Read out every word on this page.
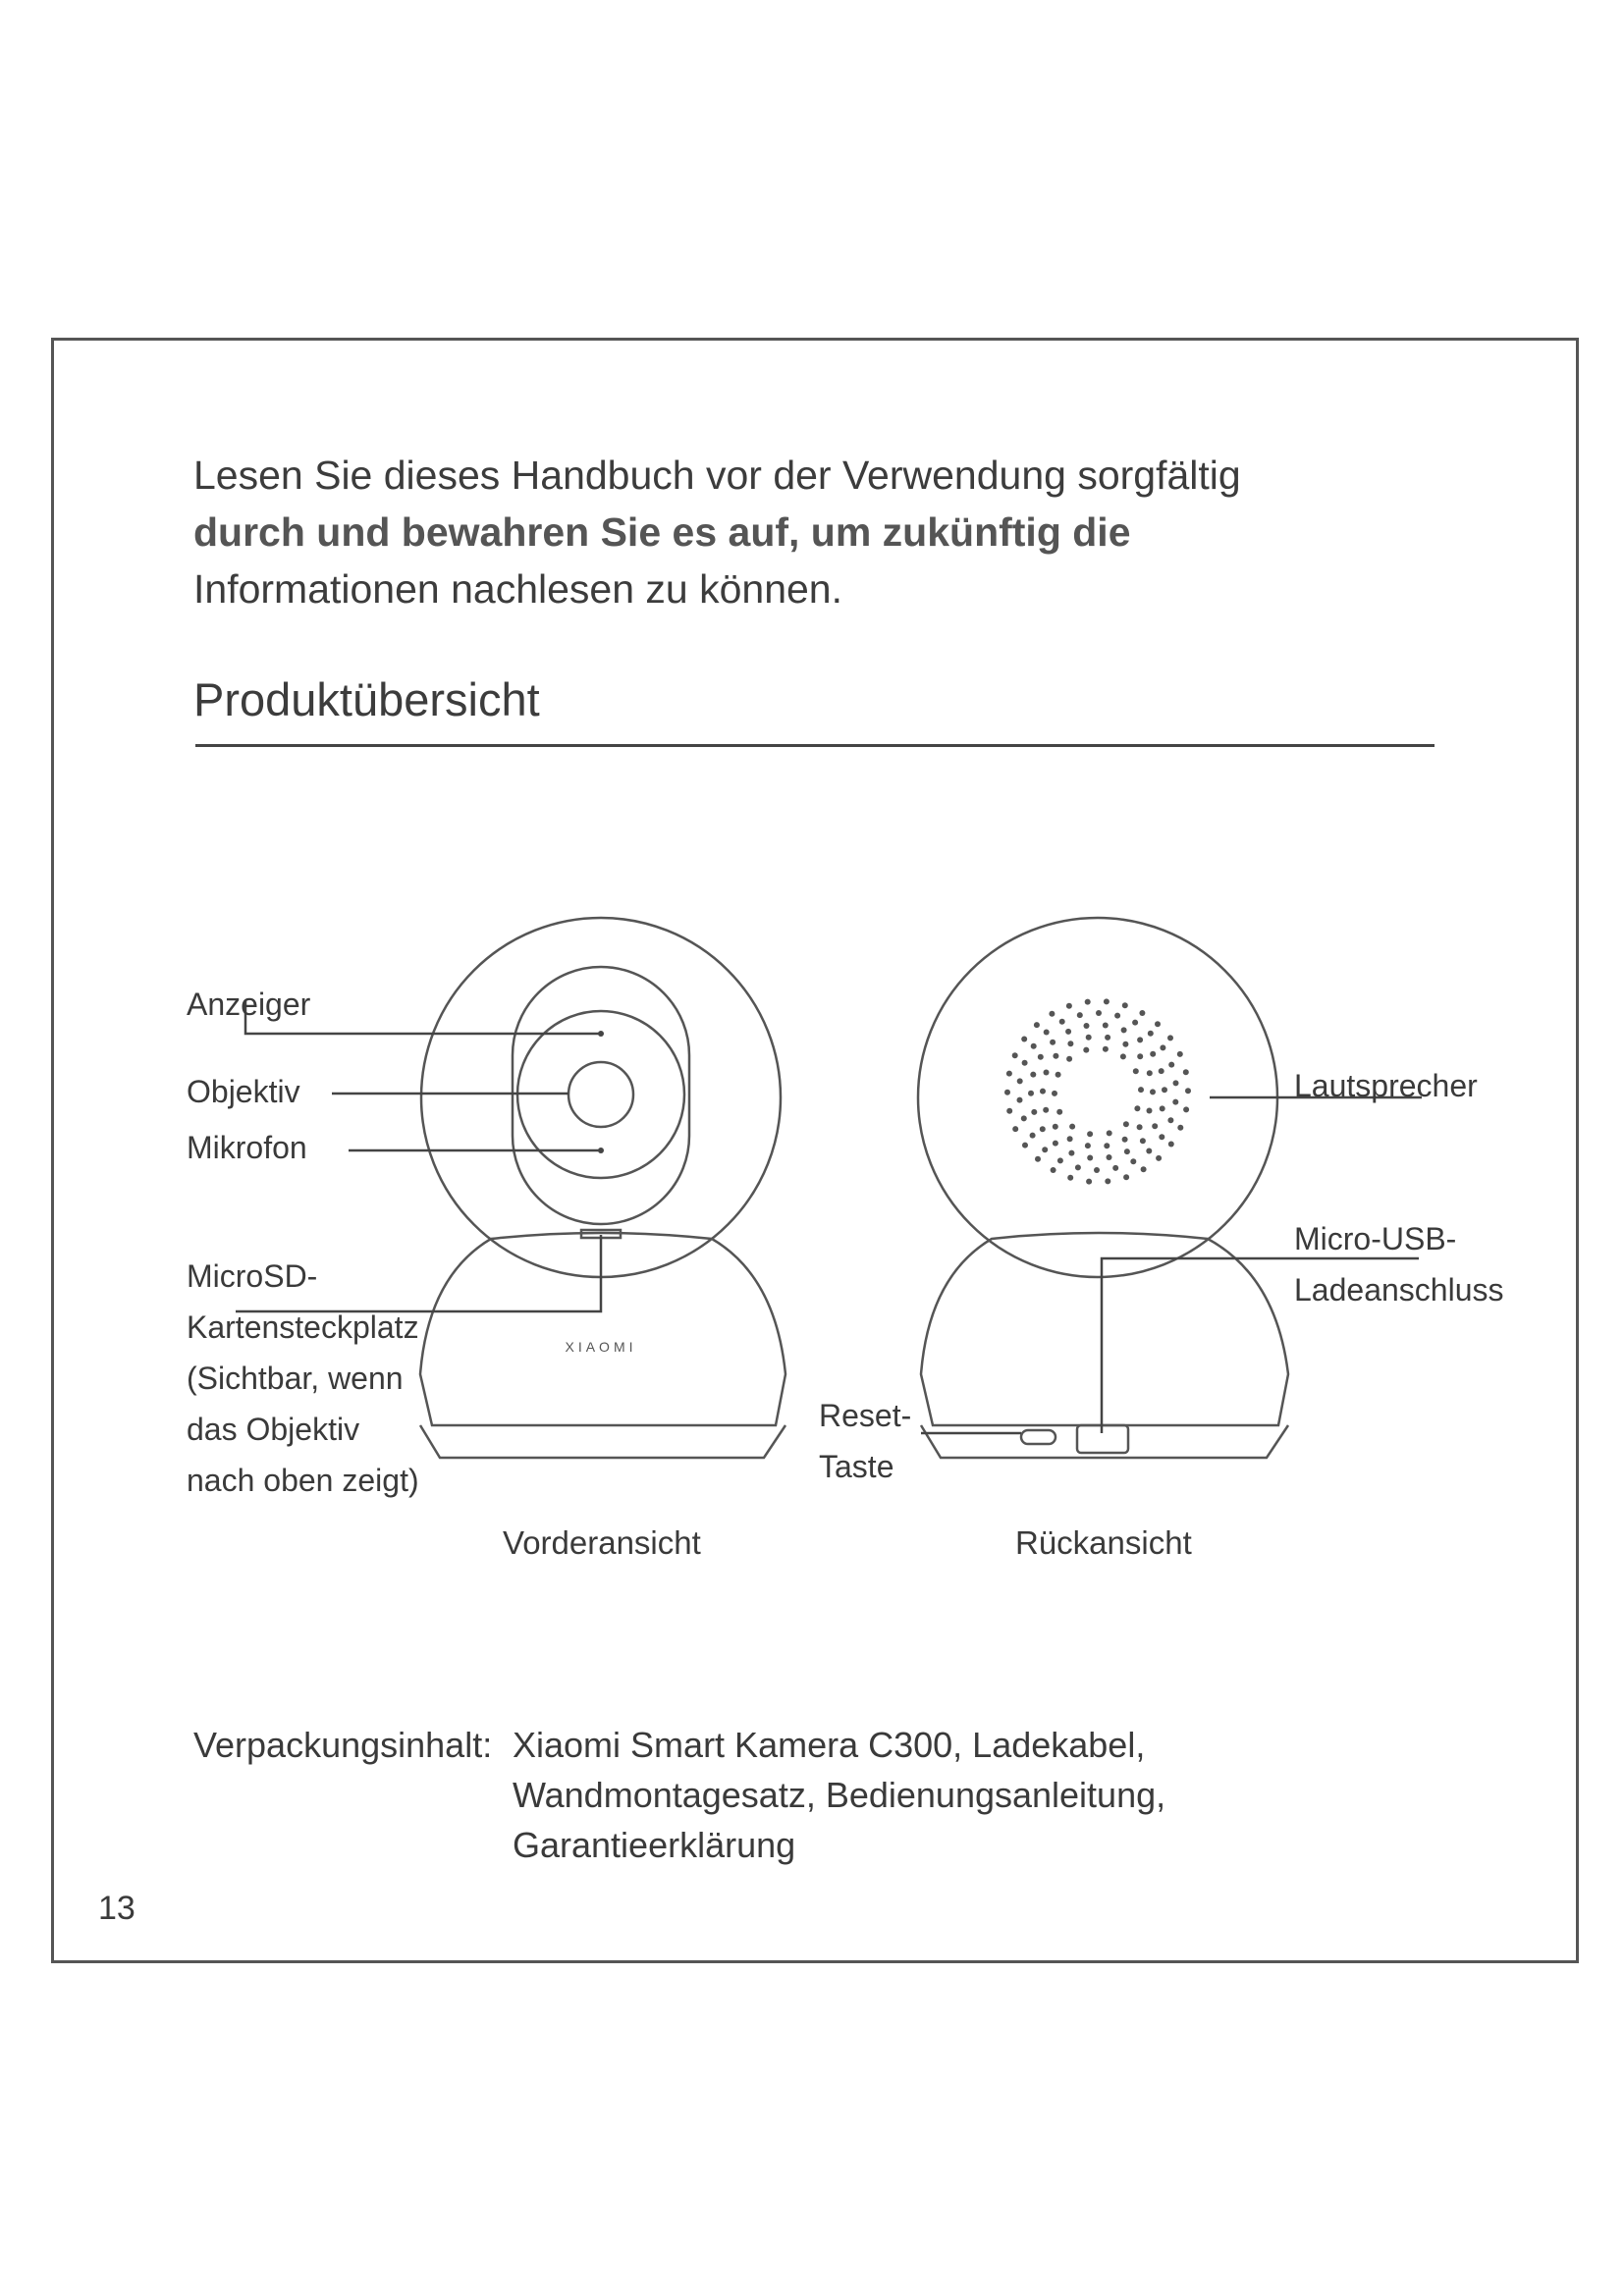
Lesen Sie dieses Handbuch vor der Verwendung sorgfältig
durch und bewahren Sie es auf, um zukünftig die
Informationen nachlesen zu können.
Produktübersicht
XIAOMI
Anzeiger
Objektiv
Mikrofon
MicroSD-
Kartensteckplatz
(Sichtbar, wenn
das Objektiv
nach oben zeigt)
Lautsprecher
Micro-USB-
Ladeanschluss
Reset-
Taste
Vorderansicht	Rückansicht
Verpackungsinhalt: Xiaomi Smart Kamera C300, Ladekabel,
Wandmontagesatz, Bedienungsanleitung,
Garantieerklärung
13
